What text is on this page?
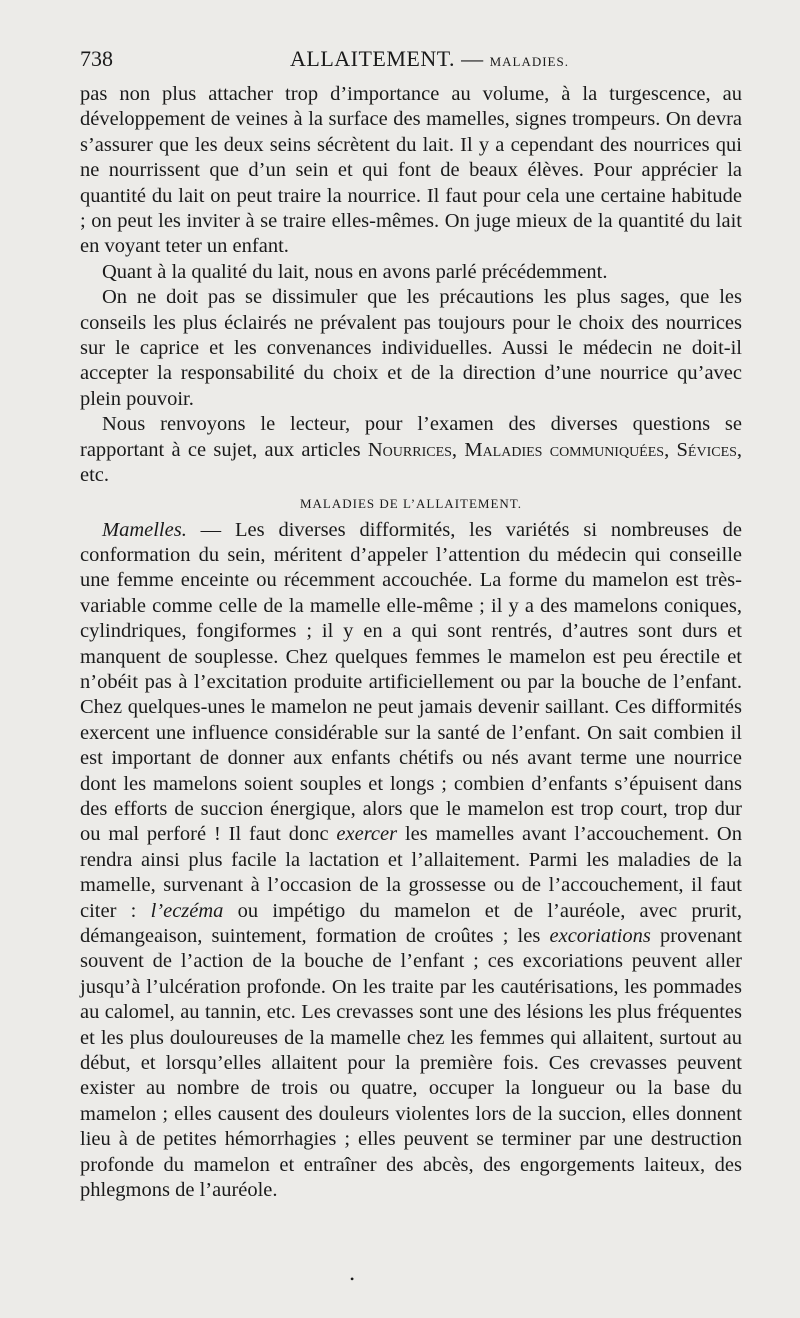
738	ALLAITEMENT. — MALADIES.

pas non plus attacher trop d’importance au volume, à la turgescence, au développement de veines à la surface des mamelles, signes trompeurs. On devra s’assurer que les deux seins sécrètent du lait. Il y a cependant des nourrices qui ne nourrissent que d’un sein et qui font de beaux élèves. Pour apprécier la quantité du lait on peut traire la nourrice. Il faut pour cela une certaine habitude ; on peut les inviter à se traire elles-mêmes. On juge mieux de la quantité du lait en voyant teter un enfant.

Quant à la qualité du lait, nous en avons parlé précédemment.

On ne doit pas se dissimuler que les précautions les plus sages, que les conseils les plus éclairés ne prévalent pas toujours pour le choix des nourrices sur le caprice et les convenances individuelles. Aussi le médecin ne doit-il accepter la responsabilité du choix et de la direction d’une nourrice qu’avec plein pouvoir.

Nous renvoyons le lecteur, pour l’examen des diverses questions se rapportant à ce sujet, aux articles Nourrices, Maladies communiquées, Sévices, etc.

MALADIES DE L’ALLAITEMENT.

Mamelles. — Les diverses difformités, les variétés si nombreuses de conformation du sein, méritent d’appeler l’attention du médecin qui conseille une femme enceinte ou récemment accouchée. La forme du mamelon est très-variable comme celle de la mamelle elle-même ; il y a des mamelons coniques, cylindriques, fongiformes ; il y en a qui sont rentrés, d’autres sont durs et manquent de souplesse. Chez quelques femmes le mamelon est peu érectile et n’obéit pas à l’excitation produite artificiellement ou par la bouche de l’enfant. Chez quelques-unes le mamelon ne peut jamais devenir saillant. Ces difformités exercent une influence considérable sur la santé de l’enfant. On sait combien il est important de donner aux enfants chétifs ou nés avant terme une nourrice dont les mamelons soient souples et longs ; combien d’enfants s’épuisent dans des efforts de succion énergique, alors que le mamelon est trop court, trop dur ou mal perforé ! Il faut donc exercer les mamelles avant l’accouchement. On rendra ainsi plus facile la lactation et l’allaitement. Parmi les maladies de la mamelle, survenant à l’occasion de la grossesse ou de l’accouchement, il faut citer : l’eczéma ou impétigo du mamelon et de l’auréole, avec prurit, démangeaison, suintement, formation de croûtes ; les excoriations provenant souvent de l’action de la bouche de l’enfant ; ces excoriations peuvent aller jusqu’à l’ulcération profonde. On les traite par les cautérisations, les pommades au calomel, au tannin, etc. Les crevasses sont une des lésions les plus fréquentes et les plus douloureuses de la mamelle chez les femmes qui allaitent, surtout au début, et lorsqu’elles allaitent pour la première fois. Ces crevasses peuvent exister au nombre de trois ou quatre, occuper la longueur ou la base du mamelon ; elles causent des douleurs violentes lors de la succion, elles donnent lieu à de petites hémorrhagies ; elles peuvent se terminer par une destruction profonde du mamelon et entraîner des abcès, des engorgements laiteux, des phlegmons de l’auréole.

•
